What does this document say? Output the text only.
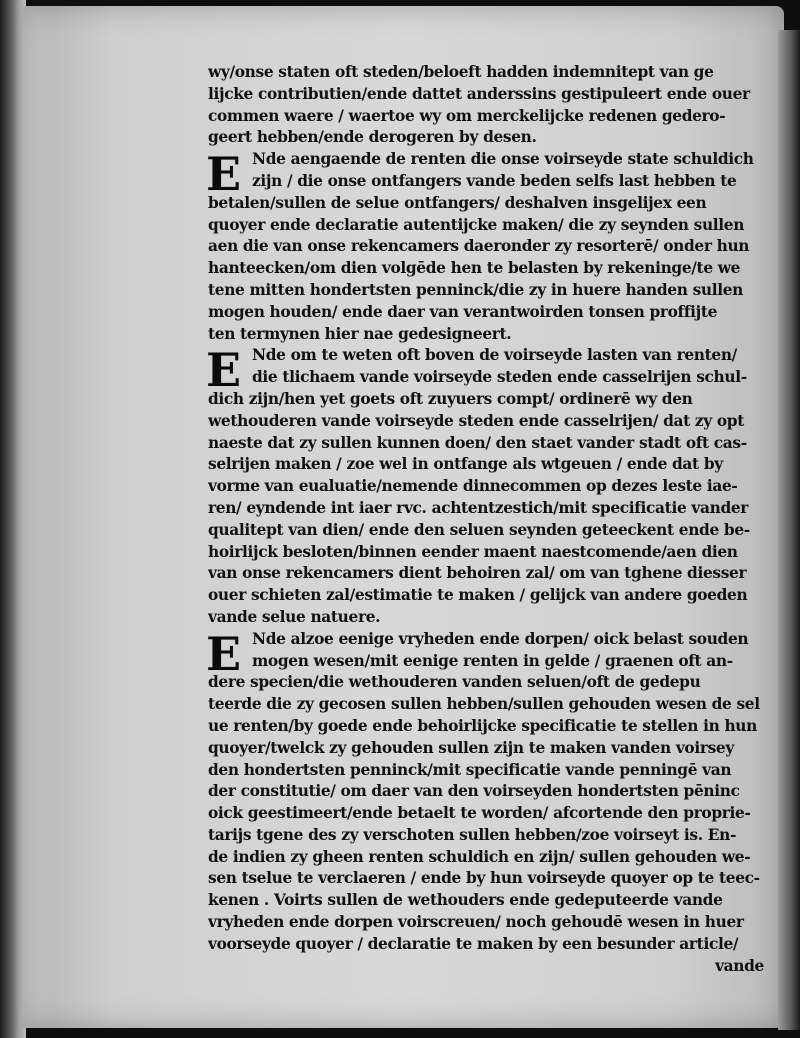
wy/onse staten oft steden/beloeft hadden indemnitept van ge
lijcke contributien/ende dattet anderssins gestipuleert ende ouer
commen waere / waertoe wy om merckelijcke redenen gedero-
geert hebben/ende derogeren by desen.
E Nde aengaende de renten die onse voirseyde state schuldich
zijn / die onse ontfangers vande beden selfs last hebben te
betalen/sullen de selue ontfangers/ deshalven insgelijex een
quoyer ende declaratie autentijcke maken/ die zy seynden sullen
aen die van onse rekencamers daeronder zy resorterē/ onder hun
hanteecken/om dien volgēde hen te belasten by rekeninge/te we
tene mitten hondertsten penninck/die zy in huere handen sullen
mogen houden/ ende daer van verantwoirden tonsen proffijte
ten termynen hier nae gedesigneert.
E Nde om te weten oft boven de voirseyde lasten van renten/
die tlichaem vande voirseyde steden ende casselrijen schul-
dich zijn/hen yet goets oft zuyuers compt/ ordinerē wy den
wethouderen vande voirseyde steden ende casselrijen/ dat zy opt
naeste dat zy sullen kunnen doen/ den staet vander stadt oft cas-
selrijen maken / zoe wel in ontfange als wtgeuen / ende dat by
vorme van eualuatie/nemende dinnecommen op dezes leste iae-
ren/ eyndende int iaer rvc. achtentzestich/mit specificatie vander
qualitept van dien/ ende den seluen seynden geteeckent ende be-
hoirlijck besloten/binnen eender maent naestcomende/aen dien
van onse rekencamers dient behoiren zal/ om van tghene diesser
ouer schieten zal/estimatie te maken / gelijck van andere goeden
vande selue natuere.
E Nde alzoe eenige vryheden ende dorpen/ oick belast souden
mogen wesen/mit eenige renten in gelde / graenen oft an-
dere specien/die wethouderen vanden seluen/oft de gedepu
teerde die zy gecosen sullen hebben/sullen gehouden wesen de sel
ue renten/by goede ende behoirlijcke specificatie te stellen in hun
quoyer/twelck zy gehouden sullen zijn te maken vanden voirsey
den hondertsten penninck/mit specificatie vande penningē van
der constitutie/ om daer van den voirseyden hondertsten pēninc
oick geestimeert/ende betaelt te worden/ afcortende den proprie-
tarijs tgene des zy verschoten sullen hebben/zoe voirseyt is. En-
de indien zy gheen renten schuldich en zijn/ sullen gehouden we-
sen tselue te verclaeren / ende by hun voirseyde quoyer op te teec-
kenen . Voirts sullen de wethouders ende gedeputeerde vande
vryheden ende dorpen voirscreuen/ noch gehoudē wesen in huer
voorseyde quoyer / declaratie te maken by een besunder article/
vande
